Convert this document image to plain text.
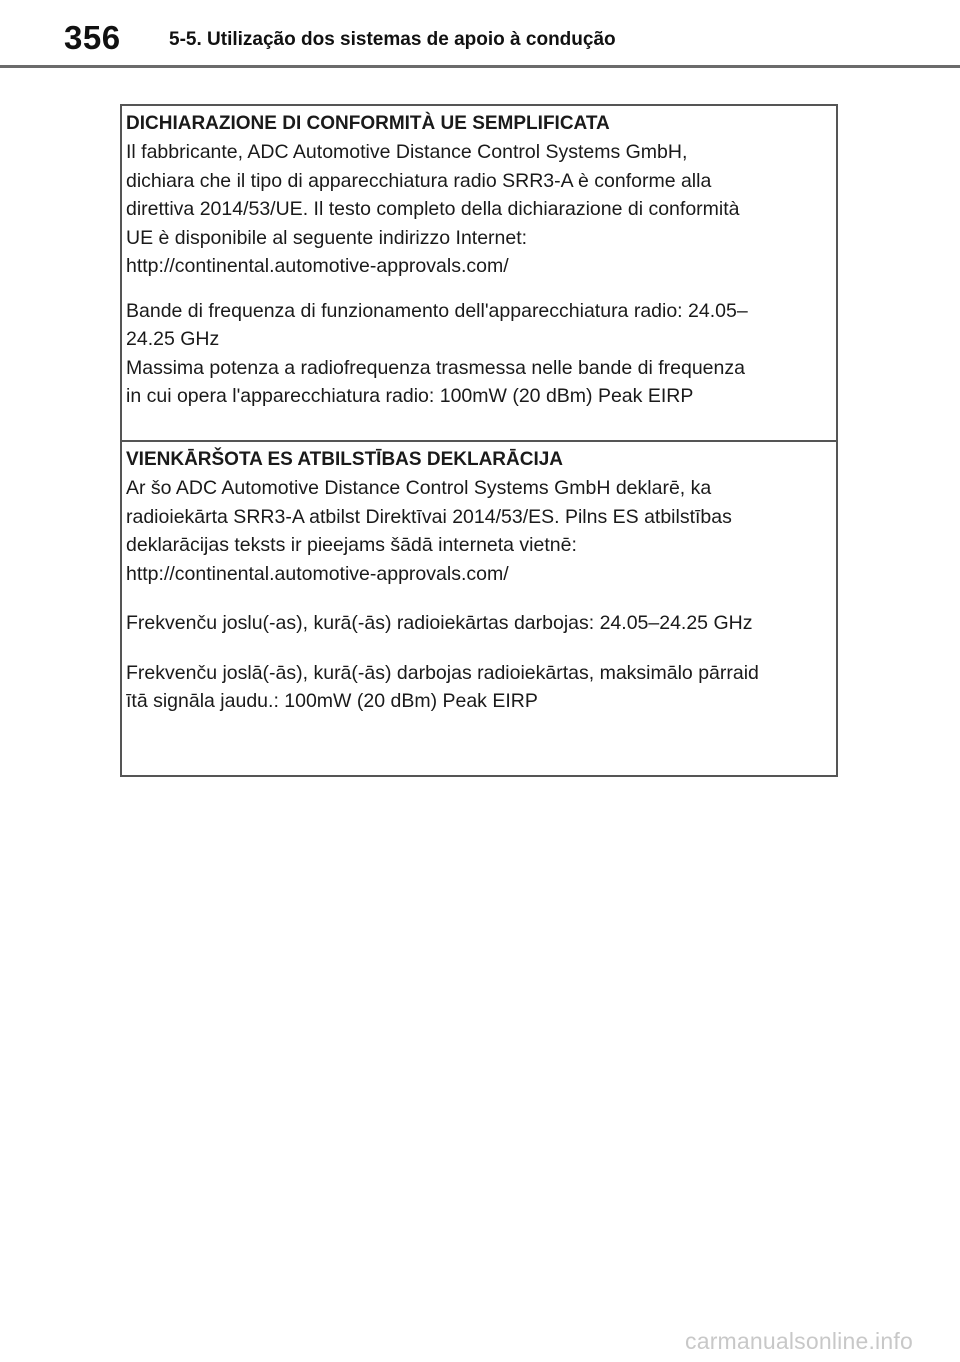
356	5-5. Utilização dos sistemas de apoio à condução
DICHIARAZIONE DI CONFORMITÀ UE SEMPLIFICATA

Il fabbricante, ADC Automotive Distance Control Systems GmbH,
dichiara che il tipo di apparecchiatura radio SRR3-A è conforme alla
direttiva 2014/53/UE. Il testo completo della dichiarazione di conformità
UE è disponibile al seguente indirizzo Internet:
http://continental.automotive-approvals.com/

Bande di frequenza di funzionamento dell'apparecchiatura radio: 24.05–
24.25 GHz
Massima potenza a radiofrequenza trasmessa nelle bande di frequenza
in cui opera l'apparecchiatura radio: 100mW (20 dBm) Peak EIRP

VIENKĀRŠOTA ES ATBILSTĪBAS DEKLARĀCIJA

Ar šo ADC Automotive Distance Control Systems GmbH deklarē, ka
radioiekārta SRR3-A atbilst Direktīvai 2014/53/ES. Pilns ES atbilstības
deklarācijas teksts ir pieejams šādā interneta vietnē:
http://continental.automotive-approvals.com/

Frekvenču joslu(-as), kurā(-ās) radioiekārtas darbojas: 24.05–24.25 GHz

Frekvenču joslā(-ās), kurā(-ās) darbojas radioiekārtas, maksimālo pārraid
ītā signāla jaudu.: 100mW (20 dBm) Peak EIRP

carmanualsonline.info
